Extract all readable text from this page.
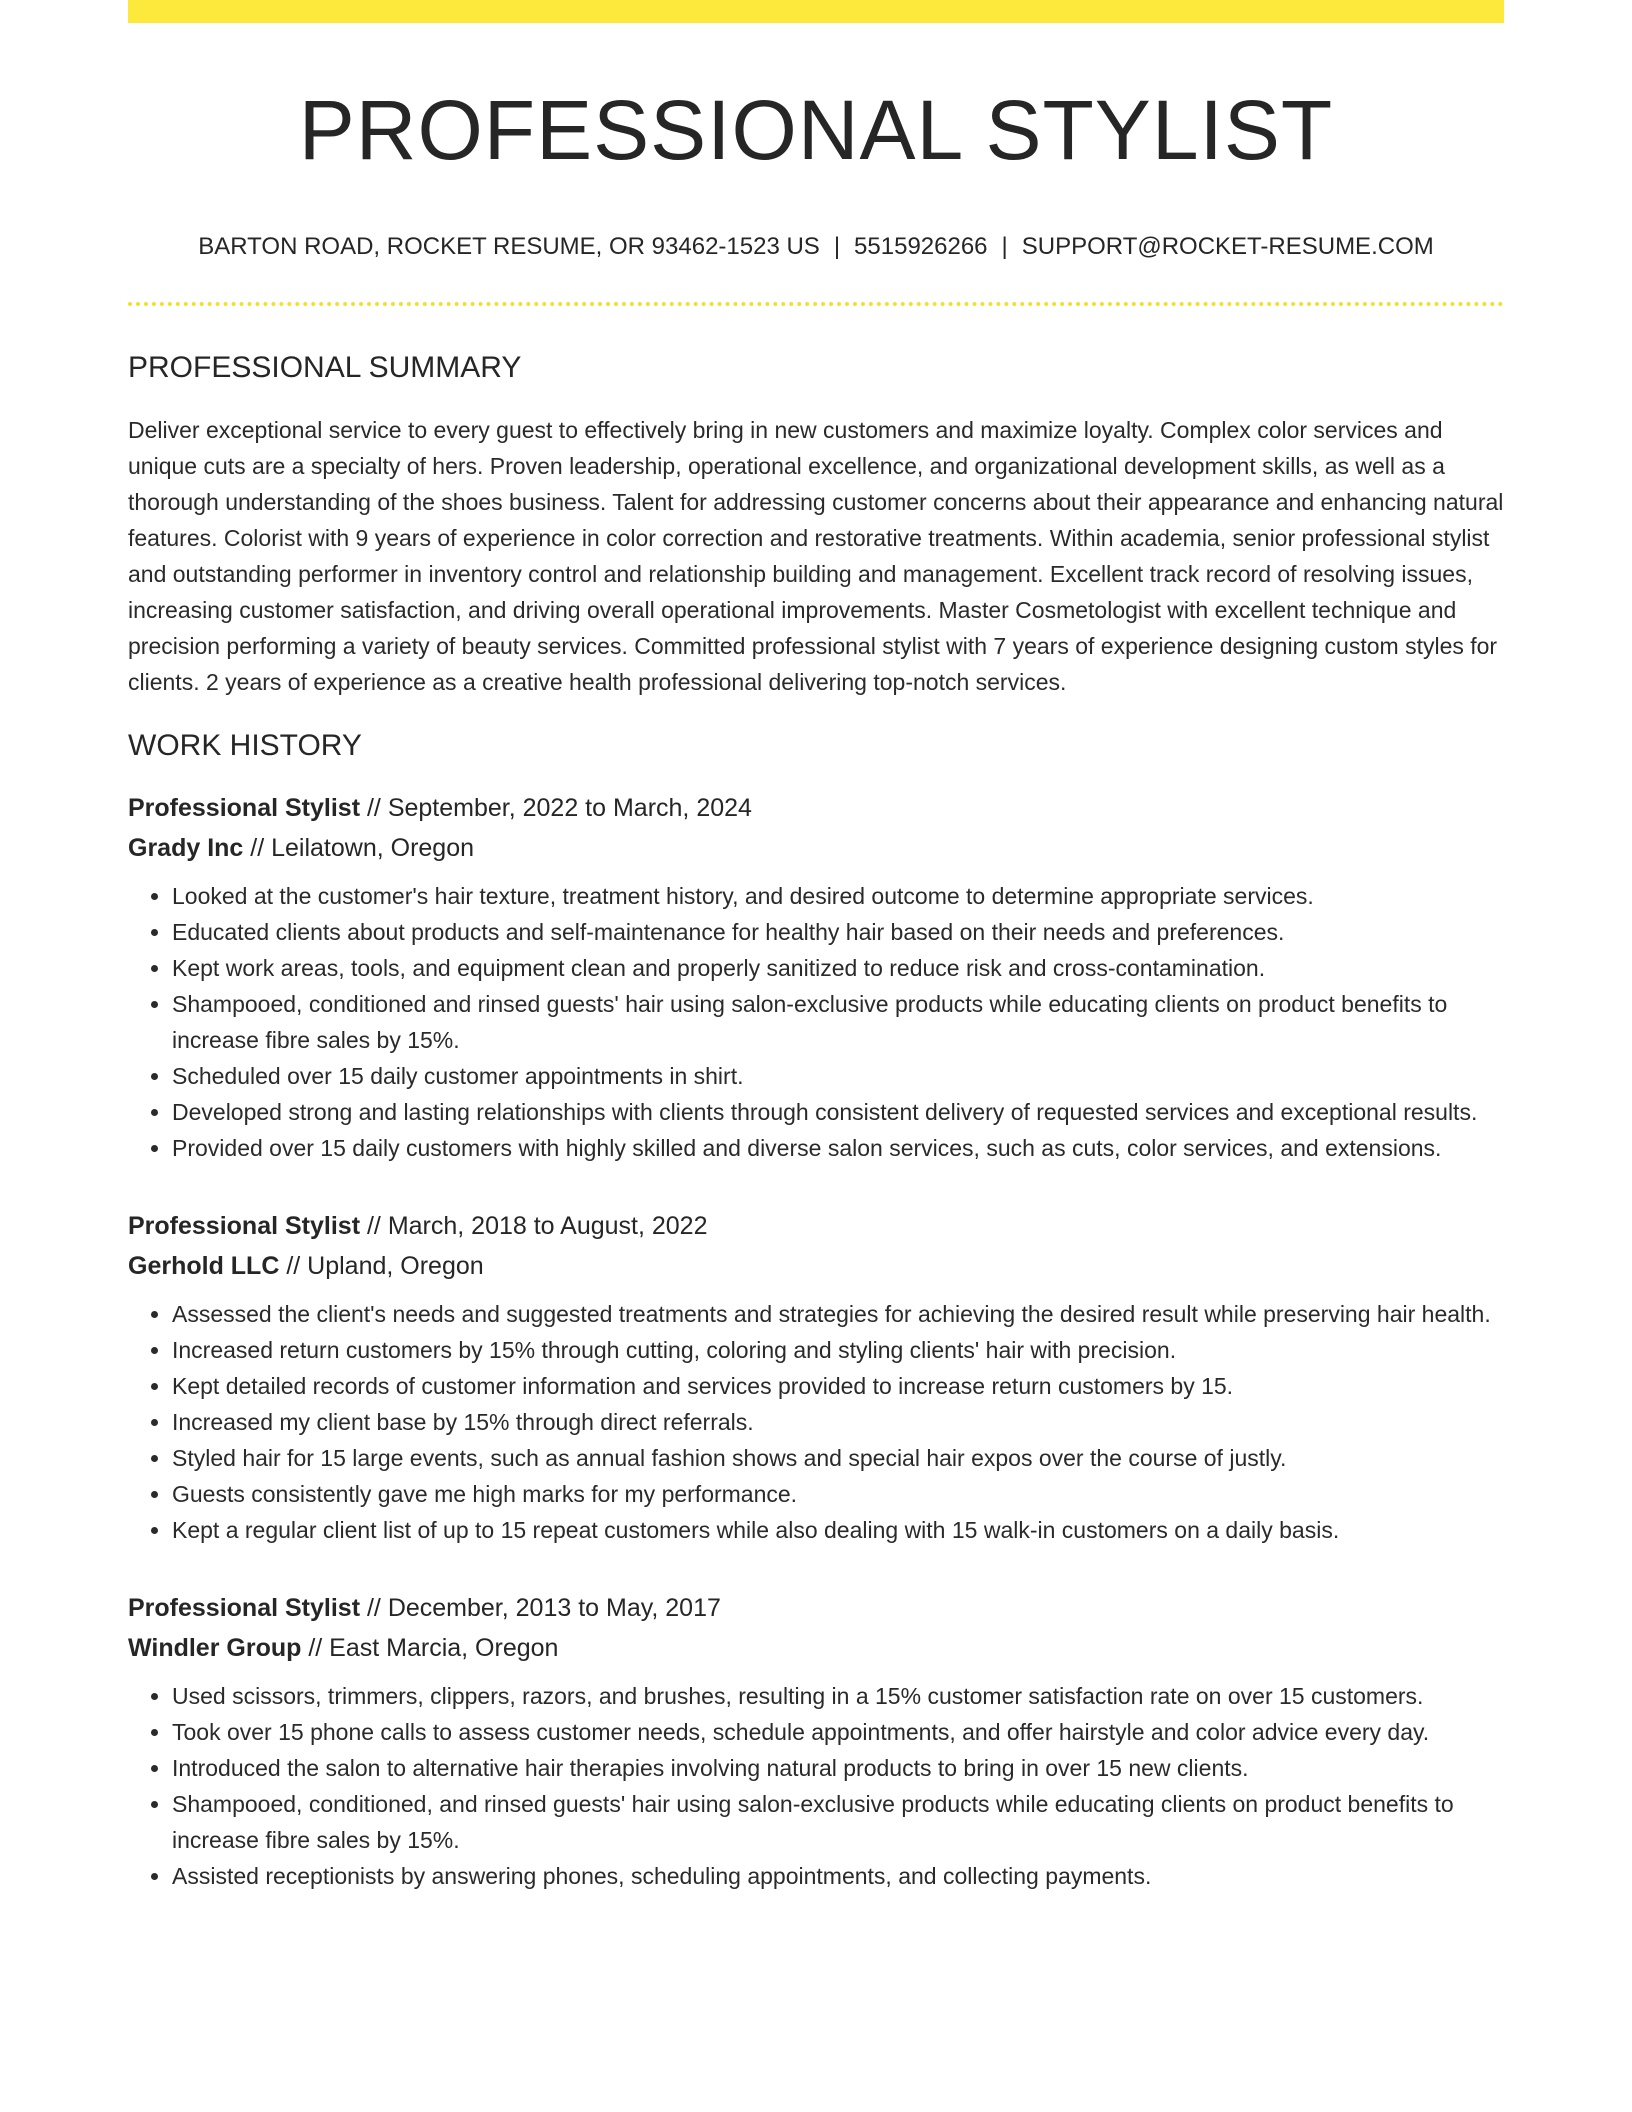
PROFESSIONAL STYLIST
BARTON ROAD, ROCKET RESUME, OR 93462-1523 US | 5515926266 | SUPPORT@ROCKET-RESUME.COM
PROFESSIONAL SUMMARY

Deliver exceptional service to every guest to effectively bring in new customers and maximize loyalty. Complex color services and unique cuts are a specialty of hers. Proven leadership, operational excellence, and organizational development skills, as well as a thorough understanding of the shoes business. Talent for addressing customer concerns about their appearance and enhancing natural features. Colorist with 9 years of experience in color correction and restorative treatments. Within academia, senior professional stylist and outstanding performer in inventory control and relationship building and management. Excellent track record of resolving issues, increasing customer satisfaction, and driving overall operational improvements. Master Cosmetologist with excellent technique and precision performing a variety of beauty services. Committed professional stylist with 7 years of experience designing custom styles for clients. 2 years of experience as a creative health professional delivering top-notch services.

WORK HISTORY
Professional Stylist // September, 2022 to March, 2024
Grady Inc // Leilatown, Oregon
• Looked at the customer's hair texture, treatment history, and desired outcome to determine appropriate services.
• Educated clients about products and self-maintenance for healthy hair based on their needs and preferences.
• Kept work areas, tools, and equipment clean and properly sanitized to reduce risk and cross-contamination.
• Shampooed, conditioned and rinsed guests' hair using salon-exclusive products while educating clients on product benefits to increase fibre sales by 15%.
• Scheduled over 15 daily customer appointments in shirt.
• Developed strong and lasting relationships with clients through consistent delivery of requested services and exceptional results.
• Provided over 15 daily customers with highly skilled and diverse salon services, such as cuts, color services, and extensions.
Professional Stylist // March, 2018 to August, 2022
Gerhold LLC // Upland, Oregon
• Assessed the client's needs and suggested treatments and strategies for achieving the desired result while preserving hair health.
• Increased return customers by 15% through cutting, coloring and styling clients' hair with precision.
• Kept detailed records of customer information and services provided to increase return customers by 15.
• Increased my client base by 15% through direct referrals.
• Styled hair for 15 large events, such as annual fashion shows and special hair expos over the course of justly.
• Guests consistently gave me high marks for my performance.
• Kept a regular client list of up to 15 repeat customers while also dealing with 15 walk-in customers on a daily basis.
Professional Stylist // December, 2013 to May, 2017
Windler Group // East Marcia, Oregon
• Used scissors, trimmers, clippers, razors, and brushes, resulting in a 15% customer satisfaction rate on over 15 customers.
• Took over 15 phone calls to assess customer needs, schedule appointments, and offer hairstyle and color advice every day.
• Introduced the salon to alternative hair therapies involving natural products to bring in over 15 new clients.
• Shampooed, conditioned, and rinsed guests' hair using salon-exclusive products while educating clients on product benefits to increase fibre sales by 15%.
• Assisted receptionists by answering phones, scheduling appointments, and collecting payments.
